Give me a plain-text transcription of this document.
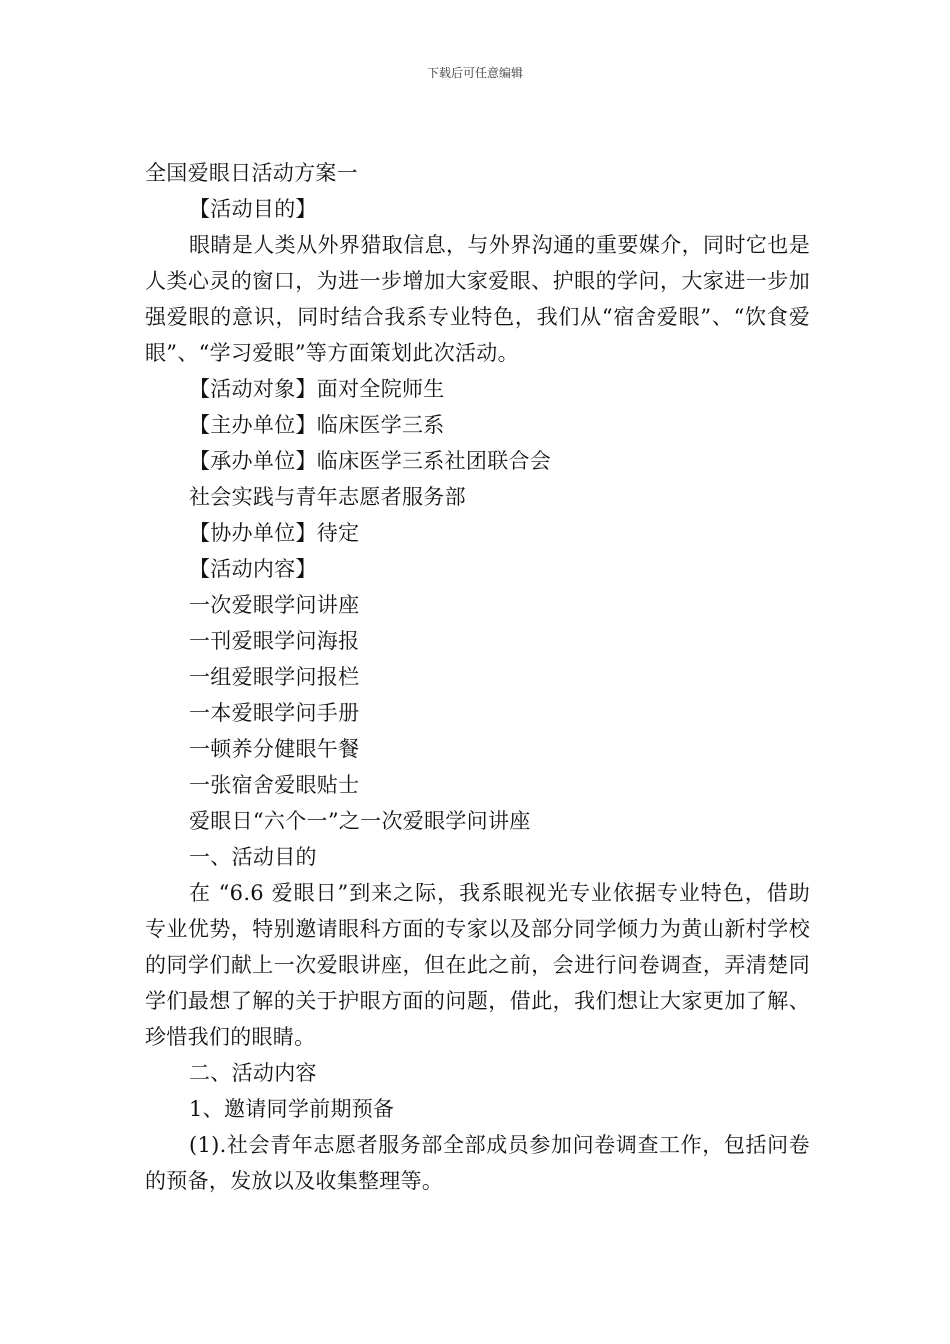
下载后可任意编辑

全国爱眼日活动方案一

【活动目的】

眼睛是人类从外界猎取信息，与外界沟通的重要媒介，同时它也是人类心灵的窗口，为进一步增加大家爱眼、护眼的学问，大家进一步加强爱眼的意识，同时结合我系专业特色，我们从“宿舍爱眼”、“饮食爱眼”、“学习爱眼”等方面策划此次活动。

【活动对象】面对全院师生

【主办单位】临床医学三系

【承办单位】临床医学三系社团联合会

社会实践与青年志愿者服务部

【协办单位】待定

【活动内容】

一次爱眼学问讲座

一刊爱眼学问海报

一组爱眼学问报栏

一本爱眼学问手册

一顿养分健眼午餐

一张宿舍爱眼贴士

爱眼日“六个一”之一次爱眼学问讲座

一、活动目的

在 “6.6 爱眼日”到来之际，我系眼视光专业依据专业特色，借助专业优势，特别邀请眼科方面的专家以及部分同学倾力为黄山新村学校的同学们献上一次爱眼讲座，但在此之前，会进行问卷调查，弄清楚同学们最想了解的关于护眼方面的问题，借此，我们想让大家更加了解、珍惜我们的眼睛。

二、活动内容

1、邀请同学前期预备

(1).社会青年志愿者服务部全部成员参加问卷调查工作，包括问卷的预备，发放以及收集整理等。
